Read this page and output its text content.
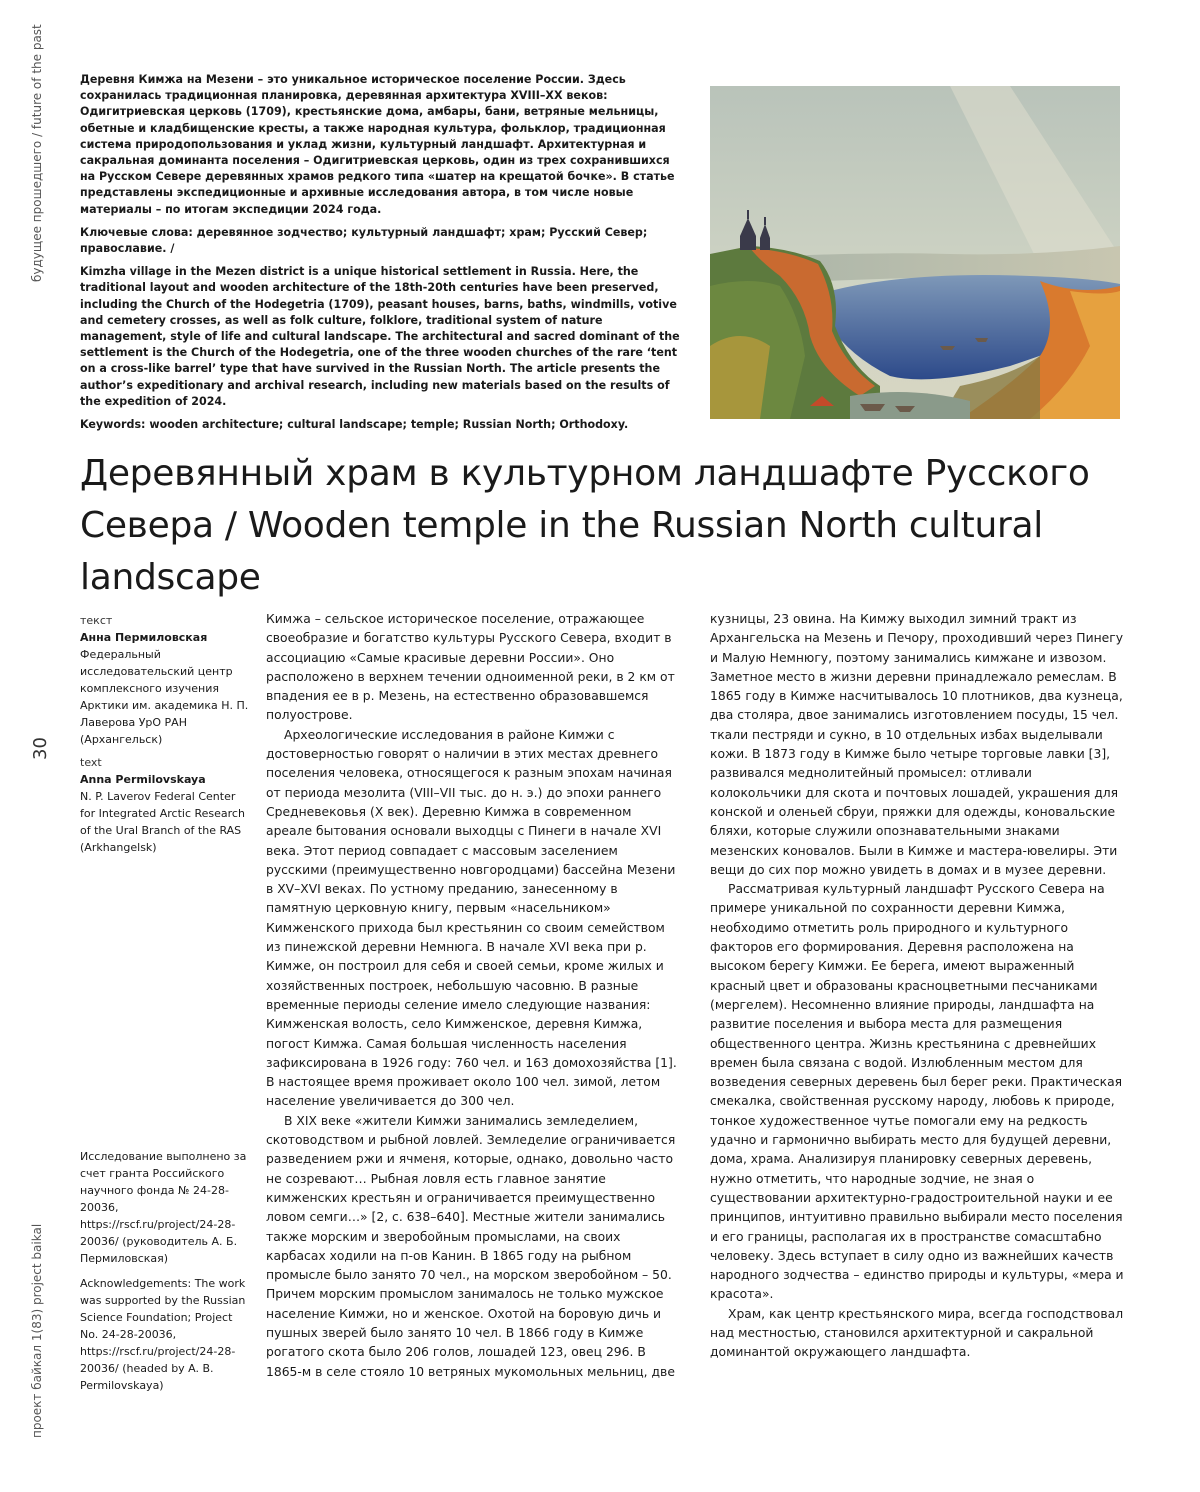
будущее прошедшего / future of the past
30
проект байкал 1(83) project baikal

Деревня Кимжа на Мезени – это уникальное историческое поселение России. Здесь сохранилась традиционная планировка, деревянная архитектура XVIII–XX веков: Одигитриевская церковь (1709), крестьянские дома, амбары, бани, ветряные мельницы, обетные и кладбищенские кресты, а также народная культура, фольклор, традиционная система природопользования и уклад жизни, культурный ландшафт. Архитектурная и сакральная доминанта поселения – Одигитриевская церковь, один из трех сохранившихся на Русском Севере деревянных храмов редкого типа «шатер на крещатой бочке». В статье представлены экспедиционные и архивные исследования автора, в том числе новые материалы – по итогам экспедиции 2024 года.

Ключевые слова: деревянное зодчество; культурный ландшафт; храм; Русский Север; православие. /

Kimzha village in the Mezen district is a unique historical settlement in Russia. Here, the traditional layout and wooden architecture of the 18th-20th centuries have been preserved, including the Church of the Hodegetria (1709), peasant houses, barns, baths, windmills, votive and cemetery crosses, as well as folk culture, folklore, traditional system of nature management, style of life and cultural landscape. The architectural and sacred dominant of the settlement is the Church of the Hodegetria, one of the three wooden churches of the rare ‘tent on a cross-like barrel’ type that have survived in the Russian North. The article presents the author’s expeditionary and archival research, including new materials based on the results of the expedition of 2024.

Keywords: wooden architecture; cultural landscape; temple; Russian North; Orthodoxy.

Деревянный храм в культурном ландшафте Русского Севера / Wooden temple in the Russian North cultural landscape
текст
Анна Пермиловская
Федеральный исследовательский центр комплексного изучения Арктики им. академика Н. П. Лаверова УрО РАН (Архангельск)
text
Anna Permilovskaya
N. P. Laverov Federal Center for Integrated Arctic Research of the Ural Branch of the RAS (Arkhangelsk)

Исследование выполнено за счет гранта Российского научного фонда № 24-28-20036, https://rscf.ru/project/24-28-20036/ (руководитель А. Б. Пермиловская)

Acknowledgements: The work was supported by the Russian Science Foundation; Project No. 24-28-20036, https://rscf.ru/project/24-28-20036/ (headed by A. B. Permilovskaya)

Кимжа – сельское историческое поселение, отражающее своеобразие и богатство культуры Русского Севера, входит в ассоциацию «Самые красивые деревни России». Оно расположено в верхнем течении одноименной реки, в 2 км от впадения ее в р. Мезень, на естественно образовавшемся полуострове.

Археологические исследования в районе Кимжи с достоверностью говорят о наличии в этих местах древнего поселения человека, относящегося к разным эпохам начиная от периода мезолита (VIII–VII тыс. до н. э.) до эпохи раннего Средневековья (X век). Деревню Кимжа в современном ареале бытования основали выходцы с Пинеги в начале XVI века. Этот период совпадает с массовым заселением русскими (преимущественно новгородцами) бассейна Мезени в XV–XVI веках. По устному преданию, занесенному в памятную церковную книгу, первым «насельником» Кимженского прихода был крестьянин со своим семейством из пинежской деревни Немнюга. В начале XVI века при р. Кимже, он построил для себя и своей семьи, кроме жилых и хозяйственных построек, небольшую часовню. В разные временные периоды селение имело следующие названия: Кимженская волость, село Кимженское, деревня Кимжа, погост Кимжа. Самая большая численность населения зафиксирована в 1926 году: 760 чел. и 163 домохозяйства [1]. В настоящее время проживает около 100 чел. зимой, летом население увеличивается до 300 чел.

В XIX веке «жители Кимжи занимались земледелием, скотоводством и рыбной ловлей. Земледелие ограничивается разведением ржи и ячменя, которые, однако, довольно часто не созревают… Рыбная ловля есть главное занятие кимженских крестьян и ограничивается преимущественно ловом семги…» [2, с. 638–640]. Местные жители занимались также морским и зверобойным промыслами, на своих карбасах ходили на п-ов Канин. В 1865 году на рыбном промысле было занято 70 чел., на морском зверобойном – 50. Причем морским промыслом занималось не только мужское население Кимжи, но и женское. Охотой на боровую дичь и пушных зверей было занято 10 чел. В 1866 году в Кимже рогатого скота было 206 голов, лошадей 123, овец 296. В 1865-м в селе стояло 10 ветряных мукомольных мельниц, две

кузницы, 23 овина. На Кимжу выходил зимний тракт из Архангельска на Мезень и Печору, проходивший через Пинегу и Малую Немнюгу, поэтому занимались кимжане и извозом. Заметное место в жизни деревни принадлежало ремеслам. В 1865 году в Кимже насчитывалось 10 плотников, два кузнеца, два столяра, двое занимались изготовлением посуды, 15 чел. ткали пестряди и сукно, в 10 отдельных избах выделывали кожи. В 1873 году в Кимже было четыре торговые лавки [3], развивался меднолитейный промысел: отливали колокольчики для скота и почтовых лошадей, украшения для конской и оленьей сбруи, пряжки для одежды, коновальские бляхи, которые служили опознавательными знаками мезенских коновалов. Были в Кимже и мастера-ювелиры. Эти вещи до сих пор можно увидеть в домах и в музее деревни.

Рассматривая культурный ландшафт Русского Севера на примере уникальной по сохранности деревни Кимжа, необходимо отметить роль природного и культурного факторов его формирования. Деревня расположена на высоком берегу Кимжи. Ее берега, имеют выраженный красный цвет и образованы красноцветными песчаниками (мергелем). Несомненно влияние природы, ландшафта на развитие поселения и выбора места для размещения общественного центра. Жизнь крестьянина с древнейших времен была связана с водой. Излюбленным местом для возведения северных деревень был берег реки. Практическая смекалка, свойственная русскому народу, любовь к природе, тонкое художественное чутье помогали ему на редкость удачно и гармонично выбирать место для будущей деревни, дома, храма. Анализируя планировку северных деревень, нужно отметить, что народные зодчие, не зная о существовании архитектурно-градостроительной науки и ее принципов, интуитивно правильно выбирали место поселения и его границы, располагая их в пространстве сомасштабно человеку. Здесь вступает в силу одно из важнейших качеств народного зодчества – единство природы и культуры, «мера и красота».

Храм, как центр крестьянского мира, всегда господствовал над местностью, становился архитектурной и сакральной доминантой окружающего ландшафта.
